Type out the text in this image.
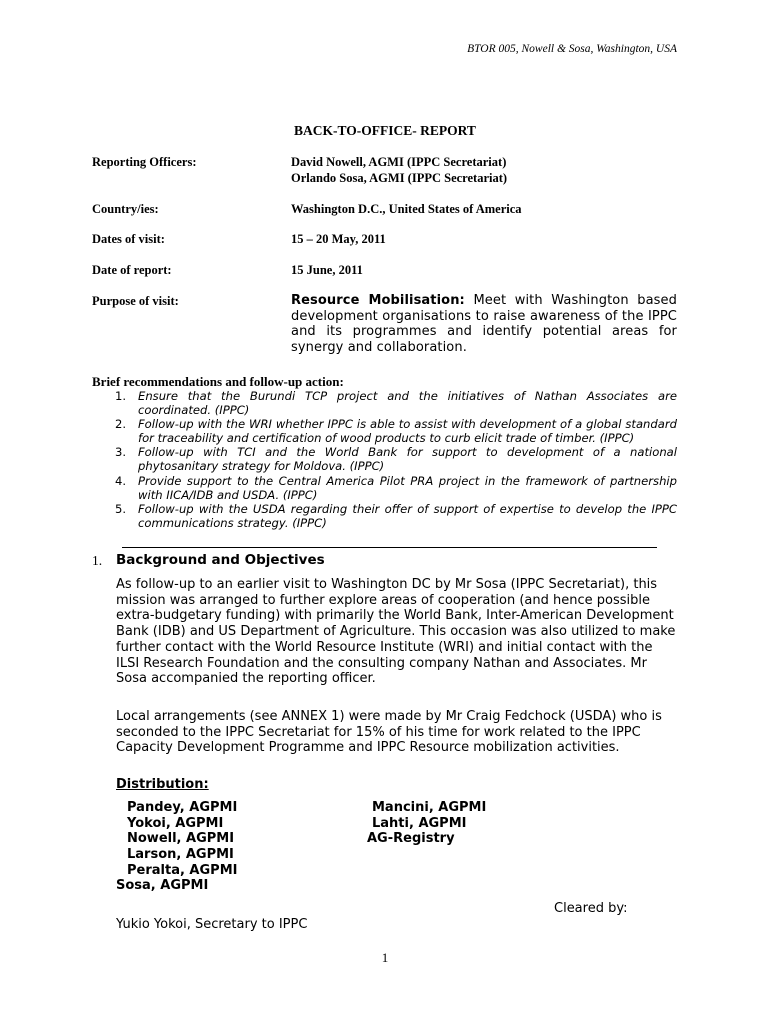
BTOR 005, Nowell & Sosa, Washington, USA
BACK-TO-OFFICE- REPORT
Reporting Officers:	David Nowell, AGMI (IPPC Secretariat)
Orlando Sosa, AGMI (IPPC Secretariat)
Country/ies:	Washington D.C., United States of America
Dates of visit:	15 – 20 May, 2011
Date of report:	15 June, 2011
Purpose of visit:	Resource Mobilisation: Meet with Washington based development organisations to raise awareness of the IPPC and its programmes and identify potential areas for synergy and collaboration.
Brief recommendations and follow-up action:
1. Ensure that the Burundi TCP project and the initiatives of Nathan Associates are coordinated. (IPPC)
2. Follow-up with the WRI whether IPPC is able to assist with development of a global standard for traceability and certification of wood products to curb elicit trade of timber. (IPPC)
3. Follow-up with TCI and the World Bank for support to development of a national phytosanitary strategy for Moldova. (IPPC)
4. Provide support to the Central America Pilot PRA project in the framework of partnership with IICA/IDB and USDA. (IPPC)
5. Follow-up with the USDA regarding their offer of support of expertise to develop the IPPC communications strategy. (IPPC)
1. Background and Objectives
As follow-up to an earlier visit to Washington DC by Mr Sosa (IPPC Secretariat), this mission was arranged to further explore areas of cooperation (and hence possible extra-budgetary funding) with primarily the World Bank, Inter-American Development Bank (IDB) and US Department of Agriculture. This occasion was also utilized to make further contact with the World Resource Institute (WRI) and initial contact with the ILSI Research Foundation and the consulting company Nathan and Associates. Mr Sosa accompanied the reporting officer.
Local arrangements (see ANNEX 1) were made by Mr Craig Fedchock (USDA) who is seconded to the IPPC Secretariat for 15% of his time for work related to the IPPC Capacity Development Programme and IPPC Resource mobilization activities.
Distribution:
Pandey, AGPMI
Yokoi, AGPMI
Nowell, AGPMI
Larson, AGPMI
Peralta, AGPMI
Mancini, AGPMI
Lahti, AGPMI
AG-Registry
Sosa, AGPMI
Cleared by:
Yukio Yokoi, Secretary to IPPC
1
